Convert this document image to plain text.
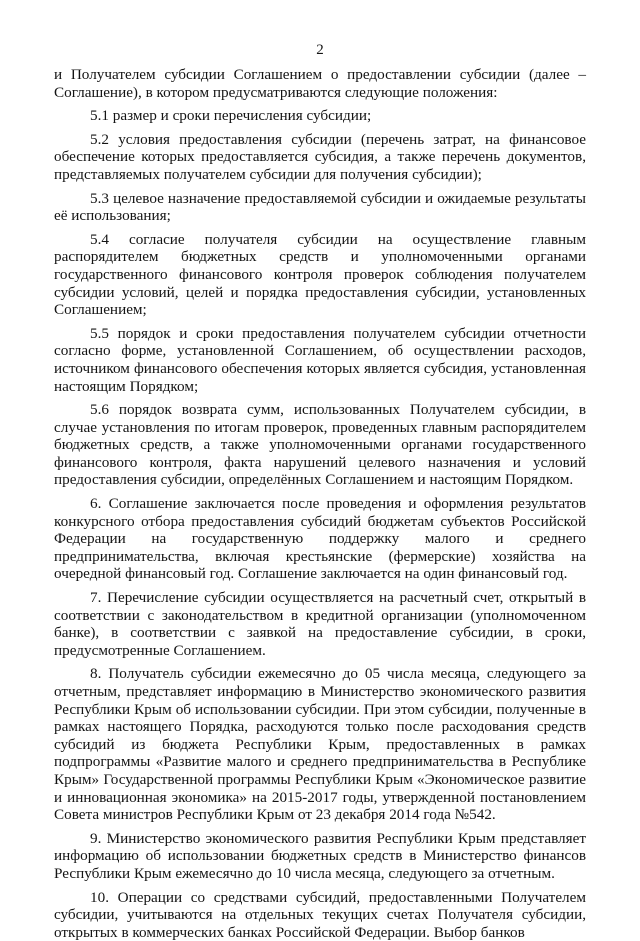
2

и Получателем субсидии Соглашением о предоставлении субсидии (далее – Соглашение), в котором предусматриваются следующие положения:

5.1 размер и сроки перечисления субсидии;

5.2 условия предоставления субсидии (перечень затрат, на финансовое обеспечение которых предоставляется субсидия, а также перечень документов, представляемых получателем субсидии для получения субсидии);

5.3 целевое назначение предоставляемой субсидии и ожидаемые результаты её использования;

5.4 согласие получателя субсидии на осуществление главным распорядителем бюджетных средств и уполномоченными органами государственного финансового контроля проверок соблюдения получателем субсидии условий, целей и порядка предоставления субсидии, установленных Соглашением;

5.5 порядок и сроки предоставления получателем субсидии отчетности согласно форме, установленной Соглашением, об осуществлении расходов, источником финансового обеспечения которых является субсидия, установленная настоящим Порядком;

5.6 порядок возврата сумм, использованных Получателем субсидии, в случае установления по итогам проверок, проведенных главным распорядителем бюджетных средств, а также уполномоченными органами государственного финансового контроля, факта нарушений целевого назначения и условий предоставления субсидии, определённых Соглашением и настоящим Порядком.

6. Соглашение заключается после проведения и оформления результатов конкурсного отбора предоставления субсидий бюджетам субъектов Российской Федерации на государственную поддержку малого и среднего предпринимательства, включая крестьянские (фермерские) хозяйства на очередной финансовый год. Соглашение заключается на один финансовый год.

7. Перечисление субсидии осуществляется на расчетный счет, открытый в соответствии с законодательством в кредитной организации (уполномоченном банке), в соответствии с заявкой на предоставление субсидии, в сроки, предусмотренные Соглашением.

8. Получатель субсидии ежемесячно до 05 числа месяца, следующего за отчетным, представляет информацию в Министерство экономического развития Республики Крым об использовании субсидии. При этом субсидии, полученные в рамках настоящего Порядка, расходуются только после расходования средств субсидий из бюджета Республики Крым, предоставленных в рамках подпрограммы «Развитие малого и среднего предпринимательства в Республике Крым» Государственной программы Республики Крым «Экономическое развитие и инновационная экономика» на 2015-2017 годы, утвержденной постановлением Совета министров Республики Крым от 23 декабря 2014 года №542.

9. Министерство экономического развития Республики Крым представляет информацию об использовании бюджетных средств в Министерство финансов Республики Крым ежемесячно до 10 числа месяца, следующего за отчетным.

10. Операции со средствами субсидий, предоставленными Получателем субсидии, учитываются на отдельных текущих счетах Получателя субсидии, открытых в коммерческих банках Российской Федерации. Выбор банков
